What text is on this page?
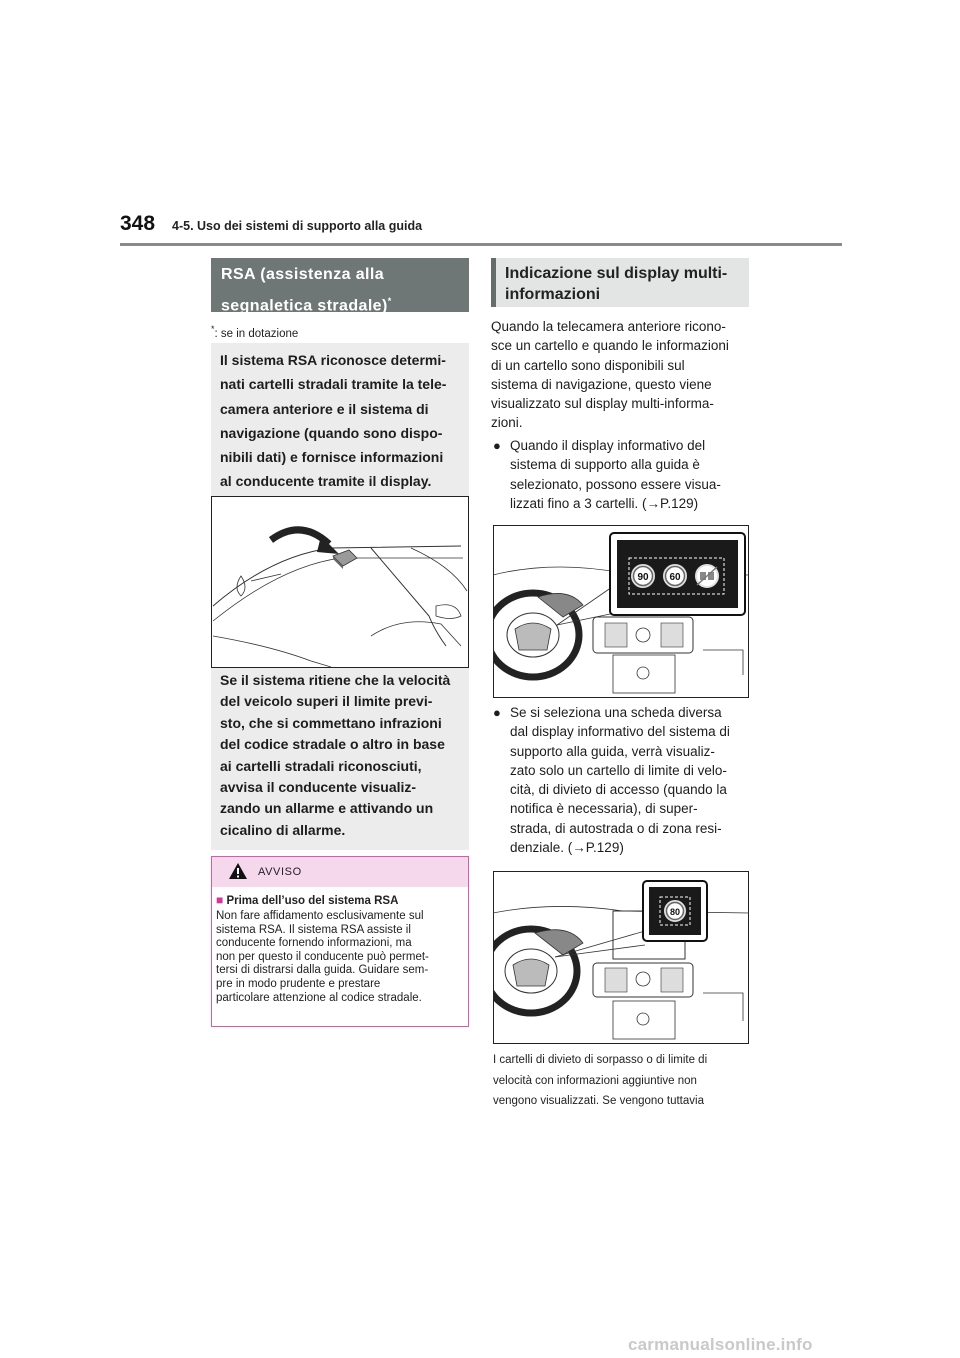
348 4-5. Uso dei sistemi di supporto alla guida
RSA (assistenza alla
segnaletica stradale)*
*: se in dotazione
Il sistema RSA riconosce determi-
nati cartelli stradali tramite la tele-
camera anteriore e il sistema di
navigazione (quando sono dispo-
nibili dati) e fornisce informazioni
al conducente tramite il display.
Se il sistema ritiene che la velocità
del veicolo superi il limite previ-
sto, che si commettano infrazioni
del codice stradale o altro in base
ai cartelli stradali riconosciuti,
avvisa il conducente visualiz-
zando un allarme e attivando un
cicalino di allarme.
AVVISO
■ Prima dell’uso del sistema RSA
Non fare affidamento esclusivamente sul
sistema RSA. Il sistema RSA assiste il
conducente fornendo informazioni, ma
non per questo il conducente può permet-
tersi di distrarsi dalla guida. Guidare sem-
pre in modo prudente e prestare
particolare attenzione al codice stradale.
Indicazione sul display multi-
informazioni
Quando la telecamera anteriore ricono-
sce un cartello e quando le informazioni
di un cartello sono disponibili sul
sistema di navigazione, questo viene
visualizzato sul display multi-informa-
zioni.
● Quando il display informativo del
sistema di supporto alla guida è
selezionato, possono essere visua-
lizzati fino a 3 cartelli. (→P.129)
90 60
● Se si seleziona una scheda diversa
dal display informativo del sistema di
supporto alla guida, verrà visualiz-
zato solo un cartello di limite di velo-
cità, di divieto di accesso (quando la
notifica è necessaria), di super-
strada, di autostrada o di zona resi-
denziale. (→P.129)
80
I cartelli di divieto di sorpasso o di limite di
velocità con informazioni aggiuntive non
vengono visualizzati. Se vengono tuttavia
carmanualsonline.info
